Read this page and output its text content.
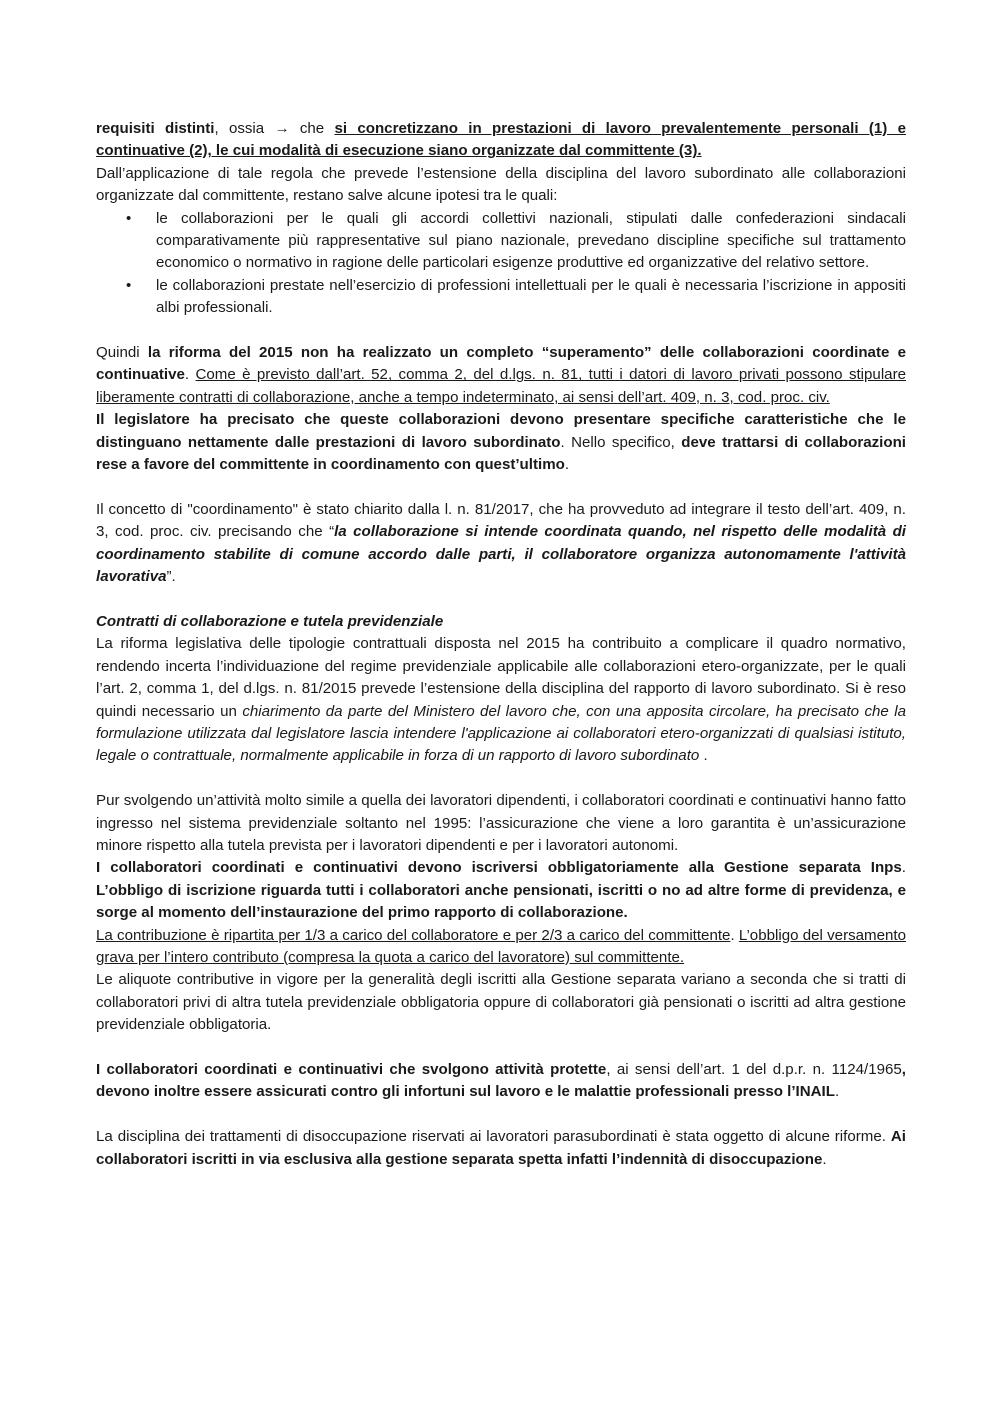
requisiti distinti, ossia → che si concretizzano in prestazioni di lavoro prevalentemente personali (1) e continuative (2), le cui modalità di esecuzione siano organizzate dal committente (3).

Dall’applicazione di tale regola che prevede l’estensione della disciplina del lavoro subordinato alle collaborazioni organizzate dal committente, restano salve alcune ipotesi tra le quali:

• le collaborazioni per le quali gli accordi collettivi nazionali, stipulati dalle confederazioni sindacali comparativamente più rappresentative sul piano nazionale, prevedano discipline specifiche sul trattamento economico o normativo in ragione delle particolari esigenze produttive ed organizzative del relativo settore.
• le collaborazioni prestate nell’esercizio di professioni intellettuali per le quali è necessaria l’iscrizione in appositi albi professionali.

Quindi la riforma del 2015 non ha realizzato un completo “superamento” delle collaborazioni coordinate e continuative. Come è previsto dall’art. 52, comma 2, del d.lgs. n. 81, tutti i datori di lavoro privati possono stipulare liberamente contratti di collaborazione, anche a tempo indeterminato, ai sensi dell’art. 409, n. 3, cod. proc. civ.

Il legislatore ha precisato che queste collaborazioni devono presentare specifiche caratteristiche che le distinguano nettamente dalle prestazioni di lavoro subordinato. Nello specifico, deve trattarsi di collaborazioni rese a favore del committente in coordinamento con quest’ultimo.

Il concetto di "coordinamento" è stato chiarito dalla l. n. 81/2017, che ha provveduto ad integrare il testo dell’art. 409, n. 3, cod. proc. civ. precisando che “la collaborazione si intende coordinata quando, nel rispetto delle modalità di coordinamento stabilite di comune accordo dalle parti, il collaboratore organizza autonomamente l'attività lavorativa”.

Contratti di collaborazione e tutela previdenziale

La riforma legislativa delle tipologie contrattuali disposta nel 2015 ha contribuito a complicare il quadro normativo, rendendo incerta l’individuazione del regime previdenziale applicabile alle collaborazioni etero-organizzate, per le quali l’art. 2, comma 1, del d.lgs. n. 81/2015 prevede l’estensione della disciplina del rapporto di lavoro subordinato. Si è reso quindi necessario un chiarimento da parte del Ministero del lavoro che, con una apposita circolare, ha precisato che la formulazione utilizzata dal legislatore lascia intendere l'applicazione ai collaboratori etero-organizzati di qualsiasi istituto, legale o contrattuale, normalmente applicabile in forza di un rapporto di lavoro subordinato .

Pur svolgendo un’attività molto simile a quella dei lavoratori dipendenti, i collaboratori coordinati e continuativi hanno fatto ingresso nel sistema previdenziale soltanto nel 1995: l’assicurazione che viene a loro garantita è un’assicurazione minore rispetto alla tutela prevista per i lavoratori dipendenti e per i lavoratori autonomi.

I collaboratori coordinati e continuativi devono iscriversi obbligatoriamente alla Gestione separata Inps. L’obbligo di iscrizione riguarda tutti i collaboratori anche pensionati, iscritti o no ad altre forme di previdenza, e sorge al momento dell’instaurazione del primo rapporto di collaborazione.

La contribuzione è ripartita per 1/3 a carico del collaboratore e per 2/3 a carico del committente. L’obbligo del versamento grava per l’intero contributo (compresa la quota a carico del lavoratore) sul committente.

Le aliquote contributive in vigore per la generalità degli iscritti alla Gestione separata variano a seconda che si tratti di collaboratori privi di altra tutela previdenziale obbligatoria oppure di collaboratori già pensionati o iscritti ad altra gestione previdenziale obbligatoria.

I collaboratori coordinati e continuativi che svolgono attività protette, ai sensi dell’art. 1 del d.p.r. n. 1124/1965, devono inoltre essere assicurati contro gli infortuni sul lavoro e le malattie professionali presso l’INAIL.

La disciplina dei trattamenti di disoccupazione riservati ai lavoratori parasubordinati è stata oggetto di alcune riforme. Ai collaboratori iscritti in via esclusiva alla gestione separata spetta infatti l’indennità di disoccupazione.
